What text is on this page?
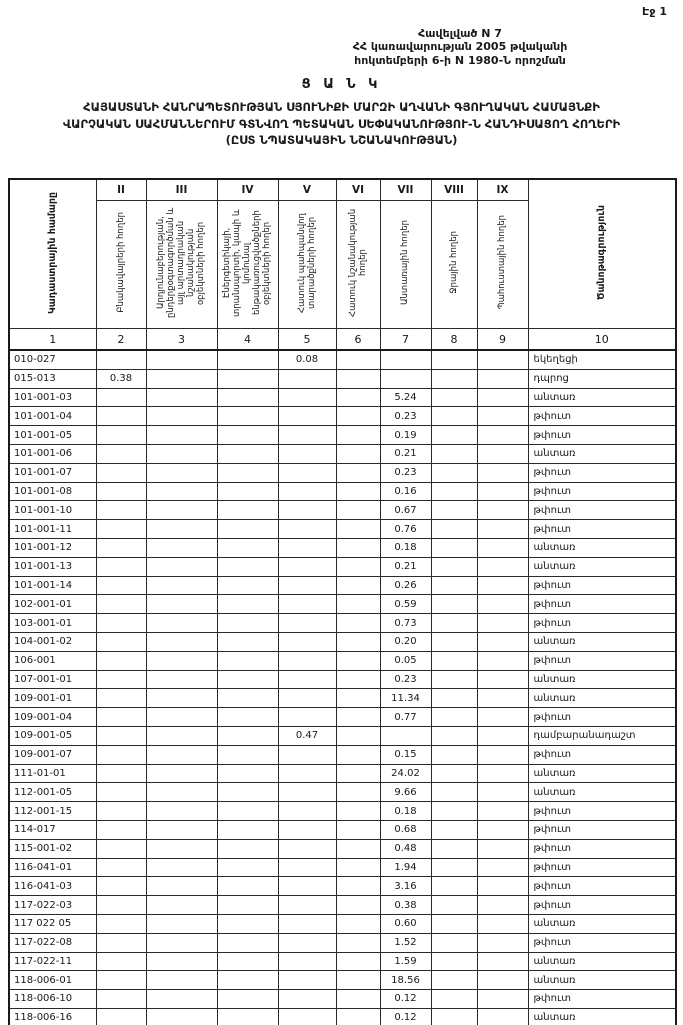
Էջ 1
Հավելված N 7
ՀՀ կառավարության 2005 թվականի
հոկտեմբերի 6-ի N 1980-Ն որոշման
Ց Ա Ն Կ
ՀԱՅԱՍՏԱՆԻ ՀԱՆՐԱՊԵՏՈՒԹՅԱՆ ՍՅՈՒՆԻՔԻ ՄԱՐԶԻ ԱՂՎԱՆԻ ԳՅՈՒՂԱԿԱՆ ՀԱՄԱՅՆՔԻ
ՎԱՐՉԱԿԱՆ ՍԱՀՄԱՆՆԵՐՈՒՄ ԳՏՆՎՈՂ ՊԵՏԱԿԱՆ ՍԵՓԱԿԱՆՈՒԹՅՈՒ-Ն ՀԱՆԴԻՍԱՑՈՂ ՀՈՂԵՐԻ
(ԸՍՏ ՆՊԱՏԱԿԱՅԻՆ ՆՇԱՆԱԿՈՒԹՅԱՆ)
Կադաստրային համարը	II	III	IV	V	VI	VII	VIII	IX	Ծանոթագրություն
	Բնակավայրերի հողեր	Արդյունաբերության, ընդերքօգտագործման և այլ արտադրական նշանակության օբյեկտների հողեր	Էներգետիկայի, տրանսպորտի, կապի և կոմունալ ենթակառուցվածքների օբյեկտների հողեր	Հատուկ պահպանվող տարածքների հողեր	Հատուկ նշանակության հողեր	Անտառային հողեր	Ջրային հողեր	Պահուստային հողեր	
1	2	3	4	5	6	7	8	9	10
010-027				0.08					եկեղեցի
015-013	0.38								դպրոց
101-001-03						5.24			անտառ
101-001-04						0.23			թփուտ
101-001-05						0.19			թփուտ
101-001-06						0.21			անտառ
101-001-07						0.23			թփուտ
101-001-08						0.16			թփուտ
101-001-10						0.67			թփուտ
101-001-11						0.76			թփուտ
101-001-12						0.18			անտառ
101-001-13						0.21			անտառ
101-001-14						0.26			թփուտ
102-001-01						0.59			թփուտ
103-001-01						0.73			թփուտ
104-001-02						0.20			անտառ
106-001						0.05			թփուտ
107-001-01						0.23			անտառ
109-001-01						11.34			անտառ
109-001-04						0.77			թփուտ
109-001-05				0.47					դամբարանադաշտ
109-001-07						0.15			թփուտ
111-01-01						24.02			անտառ
112-001-05						9.66			անտառ
112-001-15						0.18			թփուտ
114-017						0.68			թփուտ
115-001-02						0.48			թփուտ
116-041-01						1.94			թփուտ
116-041-03						3.16			թփուտ
117-022-03						0.38			թփուտ
117 022 05						0.60			անտառ
117-022-08						1.52			թփուտ
117-022-11						1.59			անտառ
118-006-01						18.56			անտառ
118-006-10						0.12			թփուտ
118-006-16						0.12			անտառ
